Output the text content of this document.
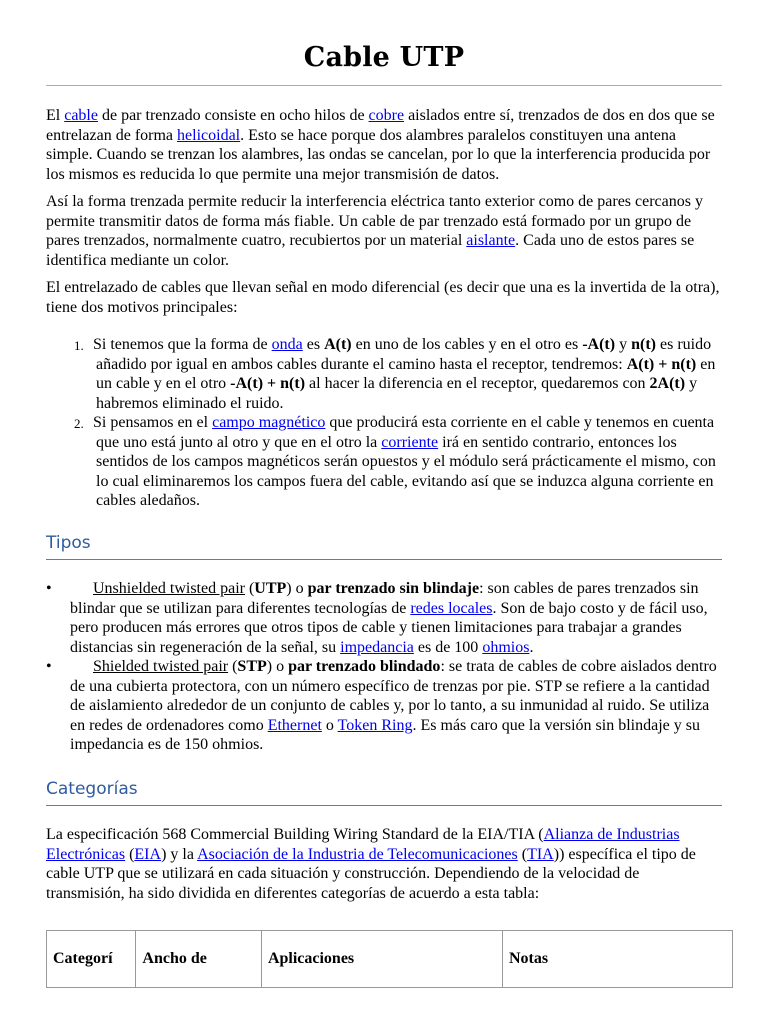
Cable UTP

El cable de par trenzado consiste en ocho hilos de cobre aislados entre sí, trenzados de dos en dos que se entrelazan de forma helicoidal. Esto se hace porque dos alambres paralelos constituyen una antena simple. Cuando se trenzan los alambres, las ondas se cancelan, por lo que la interferencia producida por los mismos es reducida lo que permite una mejor transmisión de datos.

Así la forma trenzada permite reducir la interferencia eléctrica tanto exterior como de pares cercanos y permite transmitir datos de forma más fiable. Un cable de par trenzado está formado por un grupo de pares trenzados, normalmente cuatro, recubiertos por un material aislante. Cada uno de estos pares se identifica mediante un color.

El entrelazado de cables que llevan señal en modo diferencial (es decir que una es la invertida de la otra), tiene dos motivos principales:

1. Si tenemos que la forma de onda es A(t) en uno de los cables y en el otro es -A(t) y n(t) es ruido añadido por igual en ambos cables durante el camino hasta el receptor, tendremos: A(t) + n(t) en un cable y en el otro -A(t) + n(t) al hacer la diferencia en el receptor, quedaremos con 2A(t) y habremos eliminado el ruido.
2. Si pensamos en el campo magnético que producirá esta corriente en el cable y tenemos en cuenta que uno está junto al otro y que en el otro la corriente irá en sentido contrario, entonces los sentidos de los campos magnéticos serán opuestos y el módulo será prácticamente el mismo, con lo cual eliminaremos los campos fuera del cable, evitando así que se induzca alguna corriente en cables aledaños.
Tipos
•	Unshielded twisted pair (UTP) o par trenzado sin blindaje: son cables de pares trenzados sin blindar que se utilizan para diferentes tecnologías de redes locales. Son de bajo costo y de fácil uso, pero producen más errores que otros tipos de cable y tienen limitaciones para trabajar a grandes distancias sin regeneración de la señal, su impedancia es de 100 ohmios.
•	Shielded twisted pair (STP) o par trenzado blindado: se trata de cables de cobre aislados dentro de una cubierta protectora, con un número específico de trenzas por pie. STP se refiere a la cantidad de aislamiento alrededor de un conjunto de cables y, por lo tanto, a su inmunidad al ruido. Se utiliza en redes de ordenadores como Ethernet o Token Ring. Es más caro que la versión sin blindaje y su impedancia es de 150 ohmios.
Categorías

La especificación 568 Commercial Building Wiring Standard de la EIA/TIA (Alianza de Industrias Electrónicas (EIA) y la Asociación de la Industria de Telecomunicaciones (TIA)) específica el tipo de cable UTP que se utilizará en cada situación y construcción. Dependiendo de la velocidad de transmisión, ha sido dividida en diferentes categorías de acuerdo a esta tabla:

Categorí	Ancho de	Aplicaciones	Notas
